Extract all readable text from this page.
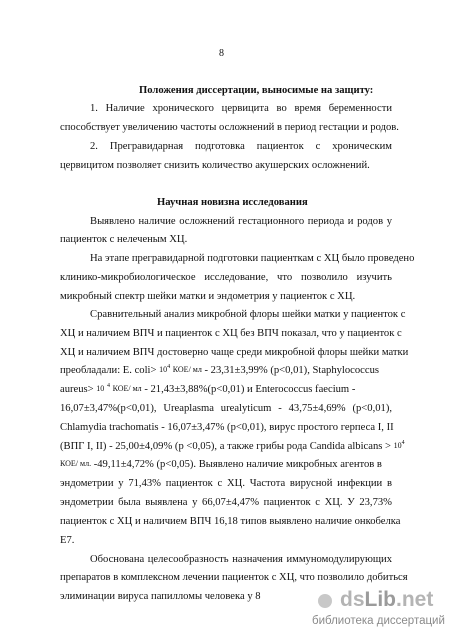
8
Положения диссертации, выносимые на защиту:
1. Наличие хронического цервицита во время беременности
способствует увеличению частоты осложнений в период гестации и родов.
2. Прегравидарная подготовка пациенток с хроническим
цервицитом позволяет снизить количество акушерских осложнений.
Научная новизна исследования
Выявлено наличие осложнений гестационного периода и родов у
пациенток с нелеченым ХЦ.
На этапе прегравидарной подготовки пациенткам с ХЦ было проведено
клинико-микробиологическое исследование, что позволило изучить
микробный спектр шейки матки и эндометрия у пациенток с ХЦ.
Сравнительный анализ микробной флоры шейки матки у пациенток с
ХЦ и наличием ВПЧ и пациенток с ХЦ без ВПЧ показал, что у пациенток с
ХЦ и наличием ВПЧ достоверно чаще среди микробной флоры шейки матки
преобладали: E. coli> $10^4$ КОЕ/ мл - 23,31±3,99% (p<0,01), Staphylococcus
aureus> 10 $^4$ КОЕ/ мл - 21,43±3,88%(p<0,01) и Enterococcus faecium -
16,07±3,47%(p<0,01), Ureaplasma urealyticum - 43,75±4,69% (p<0,01),
Chlamydia trachomatis - 16,07±3,47% (p<0,01), вирус простого герпеса I, II
(ВПГ I, II) - 25,00±4,09% (p <0,05), а также грибы рода Candida albicans > $10^4$
КОЕ/ мл. -49,11±4,72% (p<0,05). Выявлено наличие микробных агентов в
эндометрии у 71,43% пациенток с ХЦ. Частота вирусной инфекции в
эндометрии была выявлена у 66,07±4,47% пациенток с ХЦ. У 23,73%
пациенток с ХЦ и наличием ВПЧ 16,18 типов выявлено наличие онкобелка
Е7.
Обоснована целесообразность назначения иммуномодулирующих
препаратов в комплексном лечении пациенток с ХЦ, что позволило добиться
элиминации вируса папилломы человека у 8	dsLib.net
библиотека диссертаций
